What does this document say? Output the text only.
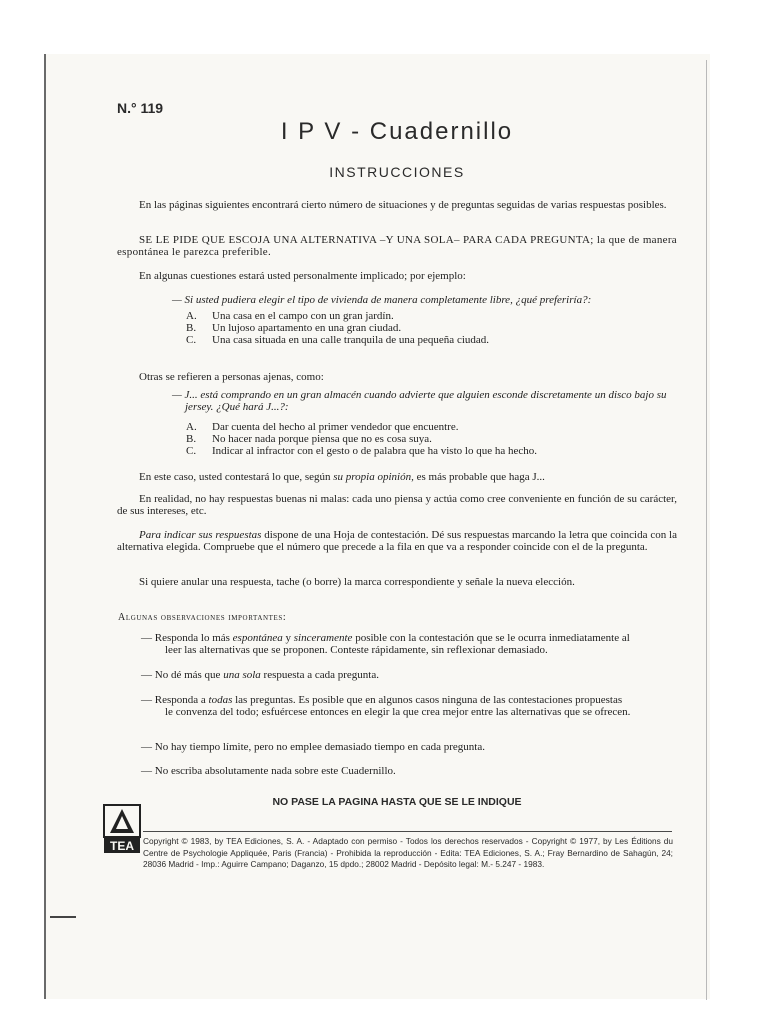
N.° 119
I P V - Cuadernillo
INSTRUCCIONES
En las páginas siguientes encontrará cierto número de situaciones y de preguntas seguidas de varias respuestas posibles.
SE LE PIDE QUE ESCOJA UNA ALTERNATIVA –Y UNA SOLA– PARA CADA PREGUNTA; la que de manera espontánea le parezca preferible.
En algunas cuestiones estará usted personalmente implicado; por ejemplo:
— Si usted pudiera elegir el tipo de vivienda de manera completamente libre, ¿qué preferiría?:
A. Una casa en el campo con un gran jardín.
B. Un lujoso apartamento en una gran ciudad.
C. Una casa situada en una calle tranquila de una pequeña ciudad.
Otras se refieren a personas ajenas, como:
— J... está comprando en un gran almacén cuando advierte que alguien esconde discretamente un disco bajo su jersey. ¿Qué hará J...?:
A. Dar cuenta del hecho al primer vendedor que encuentre.
B. No hacer nada porque piensa que no es cosa suya.
C. Indicar al infractor con el gesto o de palabra que ha visto lo que ha hecho.
En este caso, usted contestará lo que, según su propia opinión, es más probable que haga J...
En realidad, no hay respuestas buenas ni malas: cada uno piensa y actúa como cree conveniente en función de su carácter, de sus intereses, etc.
Para indicar sus respuestas dispone de una Hoja de contestación. Dé sus respuestas marcando la letra que coincida con la alternativa elegida. Compruebe que el número que precede a la fila en que va a responder coincide con el de la pregunta.
Si quiere anular una respuesta, tache (o borre) la marca correspondiente y señale la nueva elección.
Algunas observaciones importantes:
— Responda lo más espontánea y sinceramente posible con la contestación que se le ocurra inmediatamente al
leer las alternativas que se proponen. Conteste rápidamente, sin reflexionar demasiado.
— No dé más que una sola respuesta a cada pregunta.
— Responda a todas las preguntas. Es posible que en algunos casos ninguna de las contestaciones propuestas
le convenza del todo; esfuércese entonces en elegir la que crea mejor entre las alternativas que se ofrecen.
— No hay tiempo límite, pero no emplee demasiado tiempo en cada pregunta.
— No escriba absolutamente nada sobre este Cuadernillo.
NO PASE LA PAGINA HASTA QUE SE LE INDIQUE
TEA Copyright © 1983, by TEA Ediciones, S. A. - Adaptado con permiso - Todos los derechos reservados - Copyright © 1977, by Les Éditions du Centre de Psychologie Appliquée, Paris (Francia) - Prohibida la reproducción - Edita: TEA Ediciones, S. A.; Fray Bernardino de Sahagún, 24; 28036 Madrid - Imp.: Aguirre Campano; Daganzo, 15 dpdo.; 28002 Madrid - Depósito legal: M.- 5.247 - 1983.
